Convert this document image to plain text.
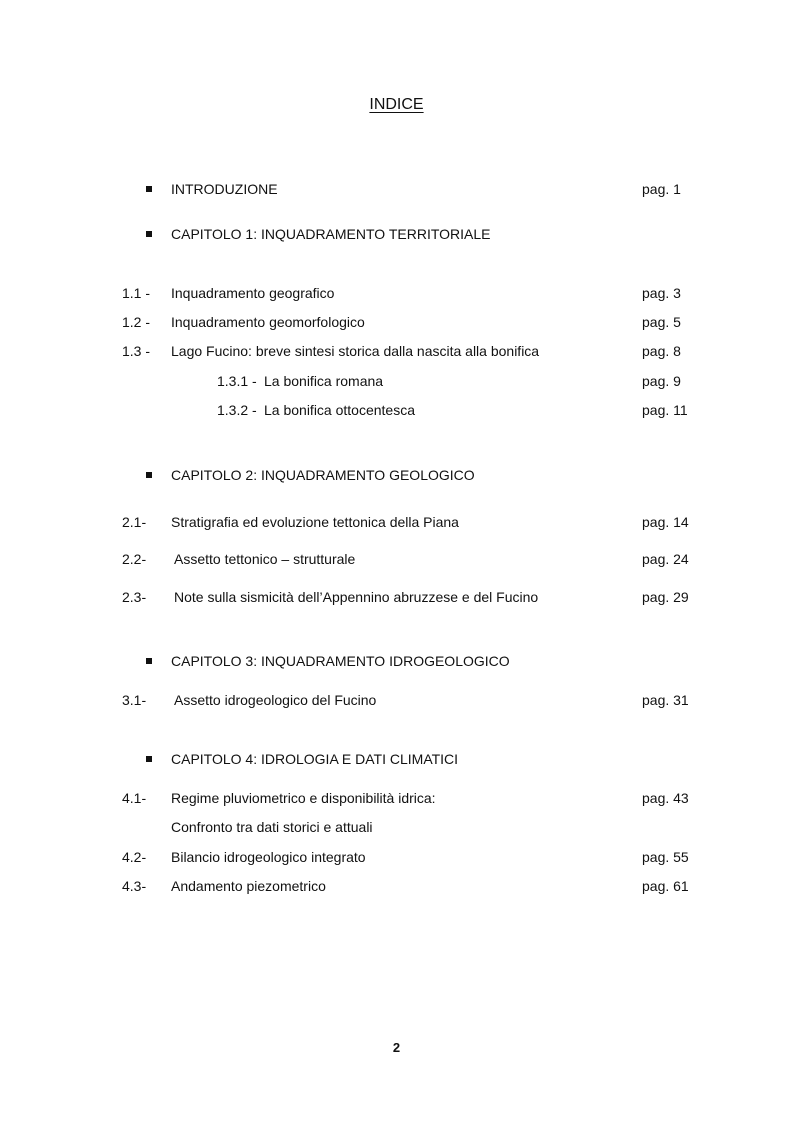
INDICE
INTRODUZIONE	pag. 1
CAPITOLO 1: INQUADRAMENTO TERRITORIALE
1.1 - Inquadramento geografico	pag. 3
1.2 - Inquadramento geomorfologico	pag. 5
1.3 - Lago Fucino: breve sintesi storica dalla nascita alla bonifica	pag. 8
1.3.1 - La bonifica romana	pag. 9
1.3.2 - La bonifica ottocentesca	pag. 11
CAPITOLO 2: INQUADRAMENTO GEOLOGICO
2.1- Stratigrafia ed evoluzione tettonica della Piana	pag. 14
2.2- Assetto tettonico – strutturale	pag. 24
2.3- Note sulla sismicità dell’Appennino abruzzese e del Fucino	pag. 29
CAPITOLO 3: INQUADRAMENTO IDROGEOLOGICO
3.1- Assetto idrogeologico del Fucino	pag. 31
CAPITOLO 4: IDROLOGIA E DATI CLIMATICI
4.1- Regime pluviometrico e disponibilità idrica:	pag. 43
Confronto tra dati storici e attuali
4.2- Bilancio idrogeologico integrato	pag. 55
4.3- Andamento piezometrico	pag. 61
2
